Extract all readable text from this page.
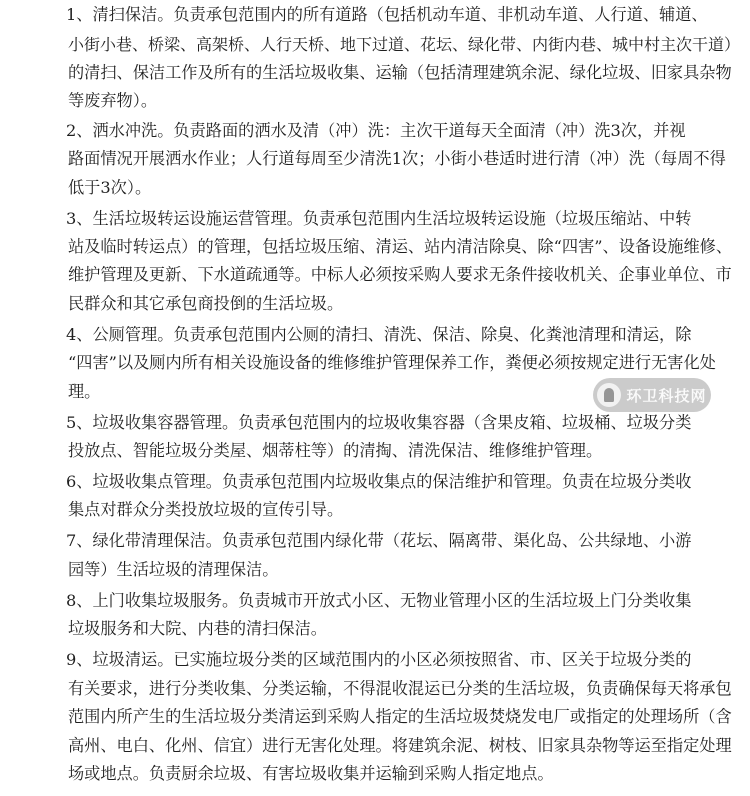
1、清扫保洁。负责承包范围内的所有道路（包括机动车道、非机动车道、人行道、辅道、
小街小巷、桥梁、高架桥、人行天桥、地下过道、花坛、绿化带、内街内巷、城中村主次干道）
的清扫、保洁工作及所有的生活垃圾收集、运输（包括清理建筑余泥、绿化垃圾、旧家具杂物
等废弃物）。
2、洒水冲洗。负责路面的洒水及清（冲）洗：主次干道每天全面清（冲）洗3次，并视
路面情况开展洒水作业；人行道每周至少清洗1次；小街小巷适时进行清（冲）洗（每周不得
低于3次）。
3、生活垃圾转运设施运营管理。负责承包范围内生活垃圾转运设施（垃圾压缩站、中转
站及临时转运点）的管理，包括垃圾压缩、清运、站内清洁除臭、除“四害”、设备设施维修、
维护管理及更新、下水道疏通等。中标人必须按采购人要求无条件接收机关、企事业单位、市
民群众和其它承包商投倒的生活垃圾。
4、公厕管理。负责承包范围内公厕的清扫、清洗、保洁、除臭、化粪池清理和清运，除
“四害”以及厕内所有相关设施设备的维修维护管理保养工作，粪便必须按规定进行无害化处
理。
5、垃圾收集容器管理。负责承包范围内的垃圾收集容器（含果皮箱、垃圾桶、垃圾分类
投放点、智能垃圾分类屋、烟蒂柱等）的清掏、清洗保洁、维修维护管理。
6、垃圾收集点管理。负责承包范围内垃圾收集点的保洁维护和管理。负责在垃圾分类收
集点对群众分类投放垃圾的宣传引导。
7、绿化带清理保洁。负责承包范围内绿化带（花坛、隔离带、渠化岛、公共绿地、小游
园等）生活垃圾的清理保洁。
8、上门收集垃圾服务。负责城市开放式小区、无物业管理小区的生活垃圾上门分类收集
垃圾服务和大院、内巷的清扫保洁。
9、垃圾清运。已实施垃圾分类的区域范围内的小区必须按照省、市、区关于垃圾分类的
有关要求，进行分类收集、分类运输，不得混收混运已分类的生活垃圾，负责确保每天将承包
范围内所产生的生活垃圾分类清运到采购人指定的生活垃圾焚烧发电厂或指定的处理场所（含
高州、电白、化州、信宜）进行无害化处理。将建筑余泥、树枝、旧家具杂物等运至指定处理
场或地点。负责厨余垃圾、有害垃圾收集并运输到采购人指定地点。
环卫科技网
